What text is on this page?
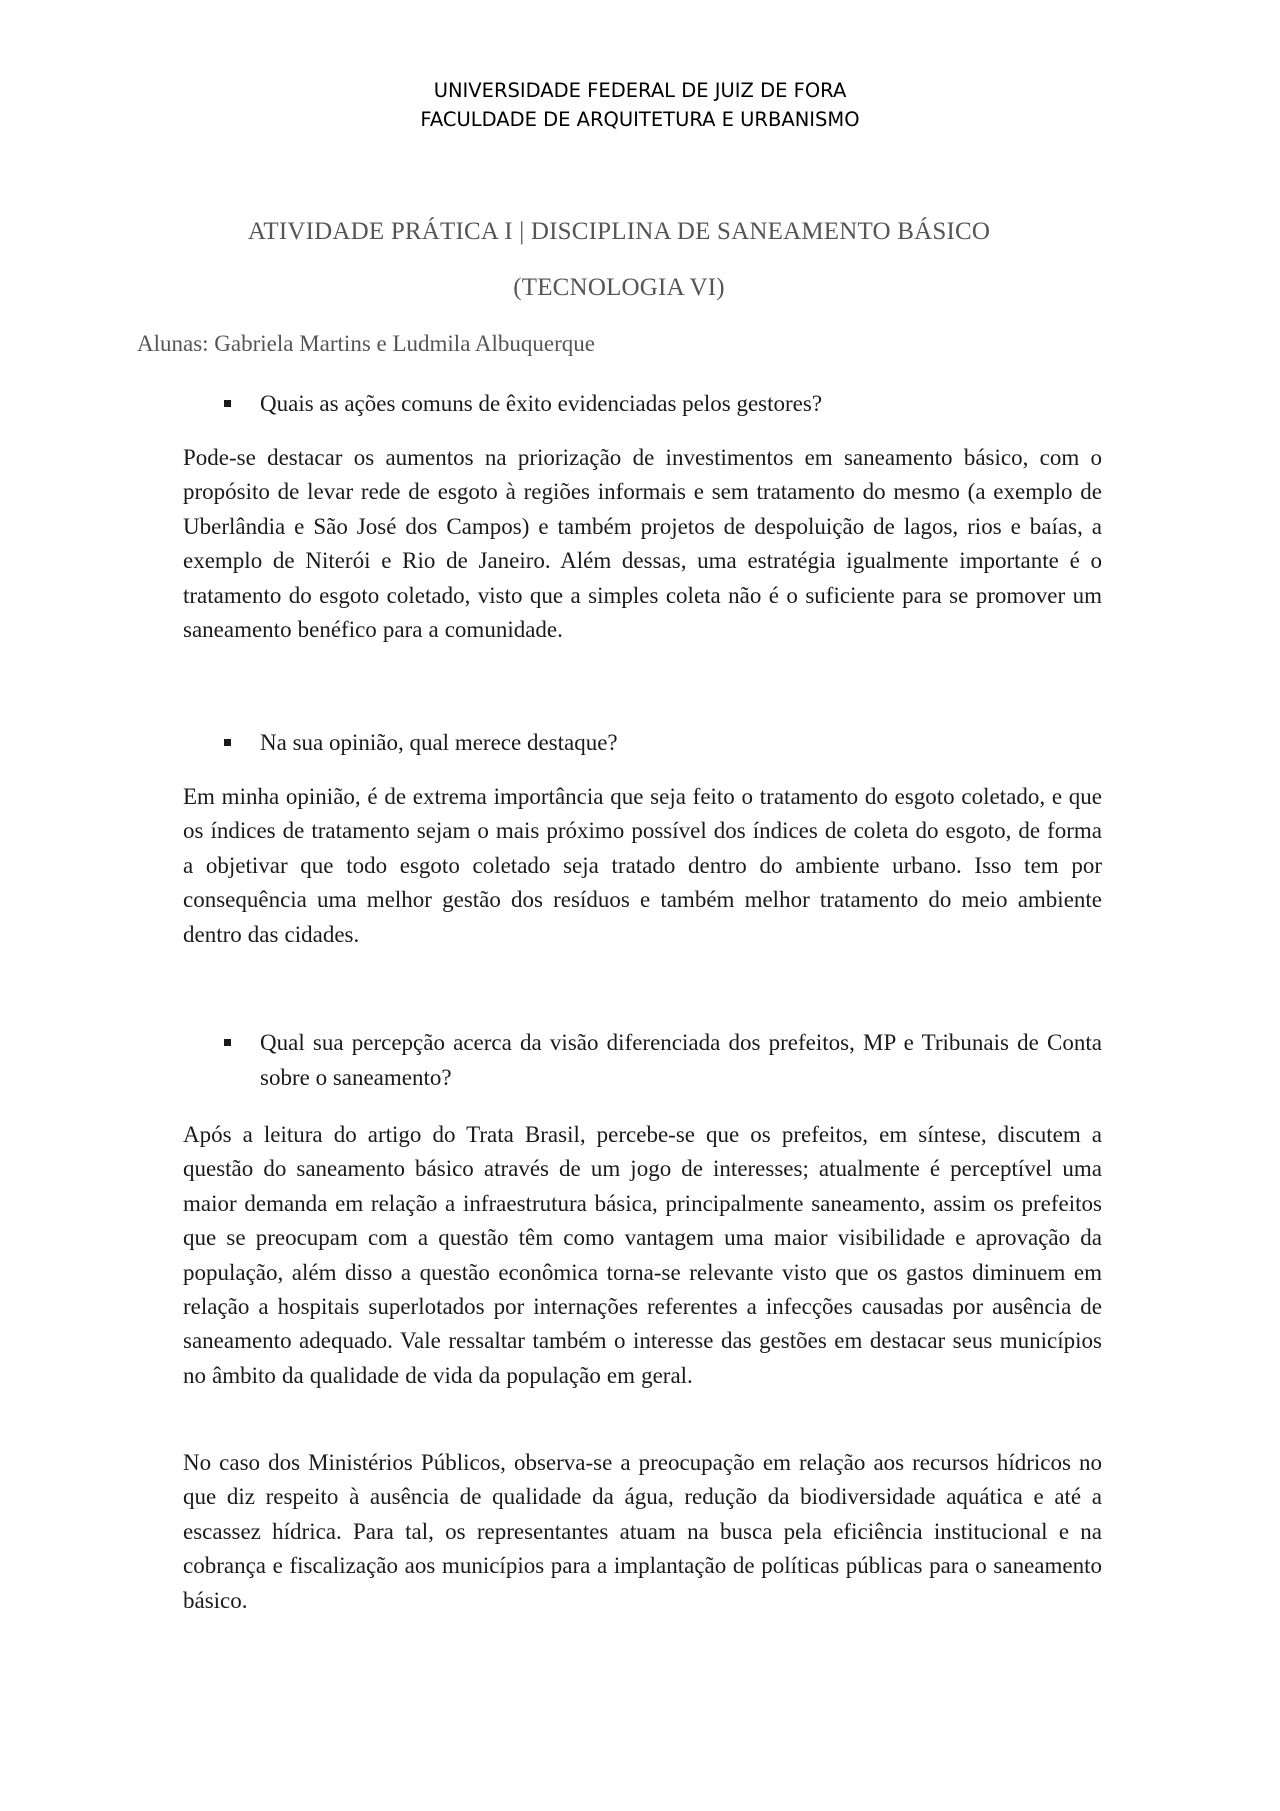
UNIVERSIDADE FEDERAL DE JUIZ DE FORA
FACULDADE DE ARQUITETURA E URBANISMO
ATIVIDADE PRÁTICA I | DISCIPLINA DE SANEAMENTO BÁSICO
(TECNOLOGIA VI)
Alunas: Gabriela Martins e Ludmila Albuquerque
Quais as ações comuns de êxito evidenciadas pelos gestores?
Pode-se destacar os aumentos na priorização de investimentos em saneamento básico, com o propósito de levar rede de esgoto à regiões informais e sem tratamento do mesmo (a exemplo de Uberlândia e São José dos Campos) e também projetos de despoluição de lagos, rios e baías, a exemplo de Niterói e Rio de Janeiro. Além dessas, uma estratégia igualmente importante é o tratamento do esgoto coletado, visto que a simples coleta não é o suficiente para se promover um saneamento benéfico para a comunidade.
Na sua opinião, qual merece destaque?
Em minha opinião, é de extrema importância que seja feito o tratamento do esgoto coletado, e que os índices de tratamento sejam o mais próximo possível dos índices de coleta do esgoto, de forma a objetivar que todo esgoto coletado seja tratado dentro do ambiente urbano. Isso tem por consequência uma melhor gestão dos resíduos e também melhor tratamento do meio ambiente dentro das cidades.
Qual sua percepção acerca da visão diferenciada dos prefeitos, MP e Tribunais de Conta sobre o saneamento?
Após a leitura do artigo do Trata Brasil, percebe-se que os prefeitos, em síntese, discutem a questão do saneamento básico através de um jogo de interesses; atualmente é perceptível uma maior demanda em relação a infraestrutura básica, principalmente saneamento, assim os prefeitos que se preocupam com a questão têm como vantagem uma maior visibilidade e aprovação da população, além disso a questão econômica torna-se relevante visto que os gastos diminuem em relação a hospitais superlotados por internações referentes a infecções causadas por ausência de saneamento adequado. Vale ressaltar também o interesse das gestões em destacar seus municípios no âmbito da qualidade de vida da população em geral.
No caso dos Ministérios Públicos, observa-se a preocupação em relação aos recursos hídricos no que diz respeito à ausência de qualidade da água, redução da biodiversidade aquática e até a escassez hídrica. Para tal, os representantes atuam na busca pela eficiência institucional e na cobrança e fiscalização aos municípios para a implantação de políticas públicas para o saneamento básico.
